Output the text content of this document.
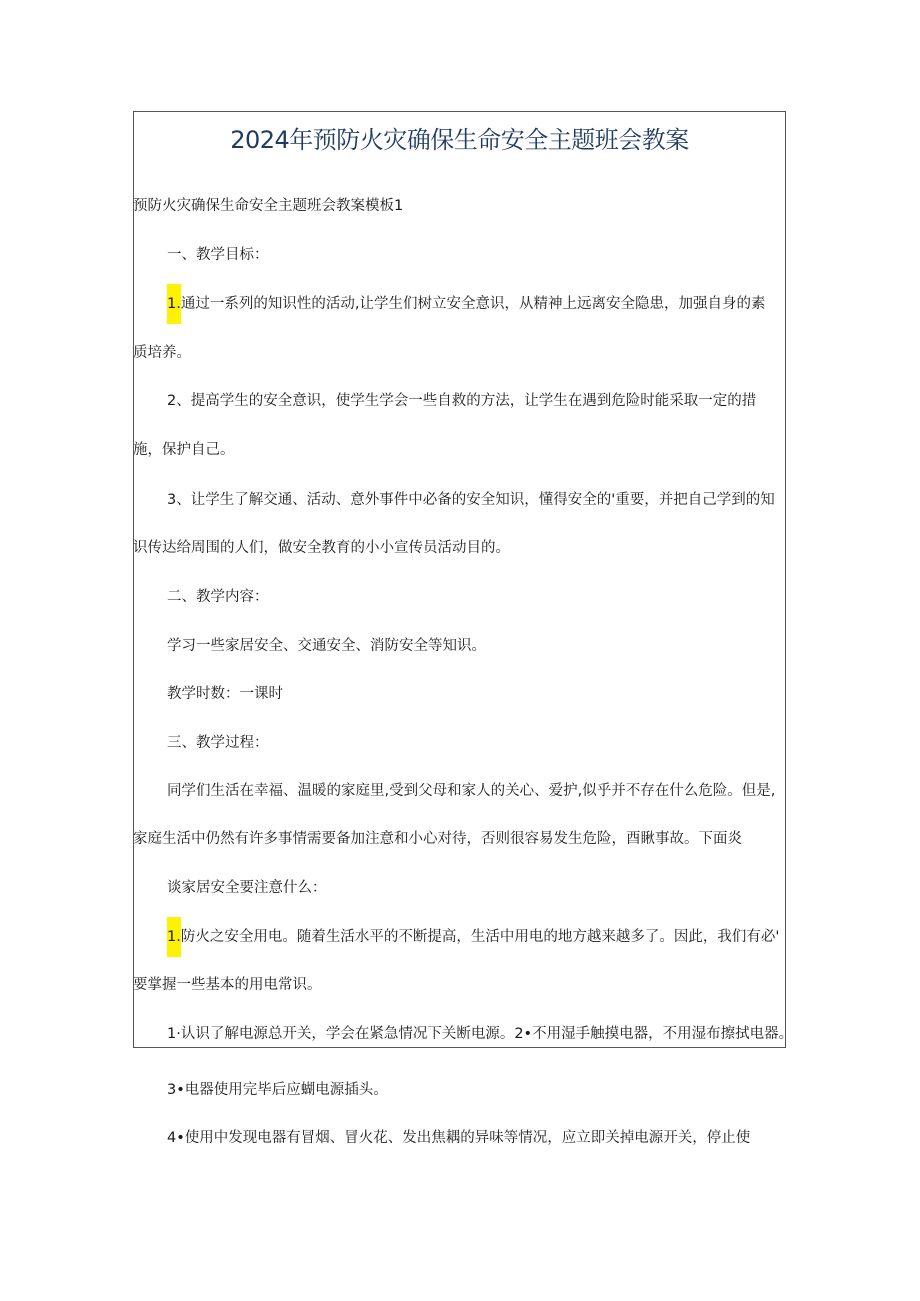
2024年预防火灾确保生命安全主题班会教案
预防火灾确保生命安全主题班会教案模板1
一、教学目标：
1.通过一系列的知识性的活动,让学生们树立安全意识，从精神上远离安全隐患，加强自身的素
质培养。
2、提高学生的安全意识，使学生学会一些自救的方法，让学生在遇到危险时能采取一定的措
施，保护自己。
3、让学生了解交通、活动、意外事件中必备的安全知识，懂得安全的'重要，并把自己学到的知
识传达给周围的人们，做安全教育的小小宣传员活动目的。
二、教学内容：
学习一些家居安全、交通安全、消防安全等知识。
教学时数：一课时
三、教学过程：
同学们生活在幸福、温暖的家庭里,受到父母和家人的关心、爱护,似乎并不存在什么危险。但是,
家庭生活中仍然有许多事情需要备加注意和小心对待，否则很容易发生危险，酉瞅事故。下面炎
谈家居安全要注意什么：
1.防火之安全用电。随着生活水平的不断提高，生活中用电的地方越来越多了。因此，我们有必'
要掌握一些基本的用电常识。
1·认识了解电源总开关，学会在紧急情况下关断电源。2•不用湿手触摸电器，不用湿布擦拭电器。
3•电器使用完毕后应蝴电源插头。
4•使用中发现电器有冒烟、冒火花、发出焦耦的异味等情况，应立即关掉电源开关，停止使
